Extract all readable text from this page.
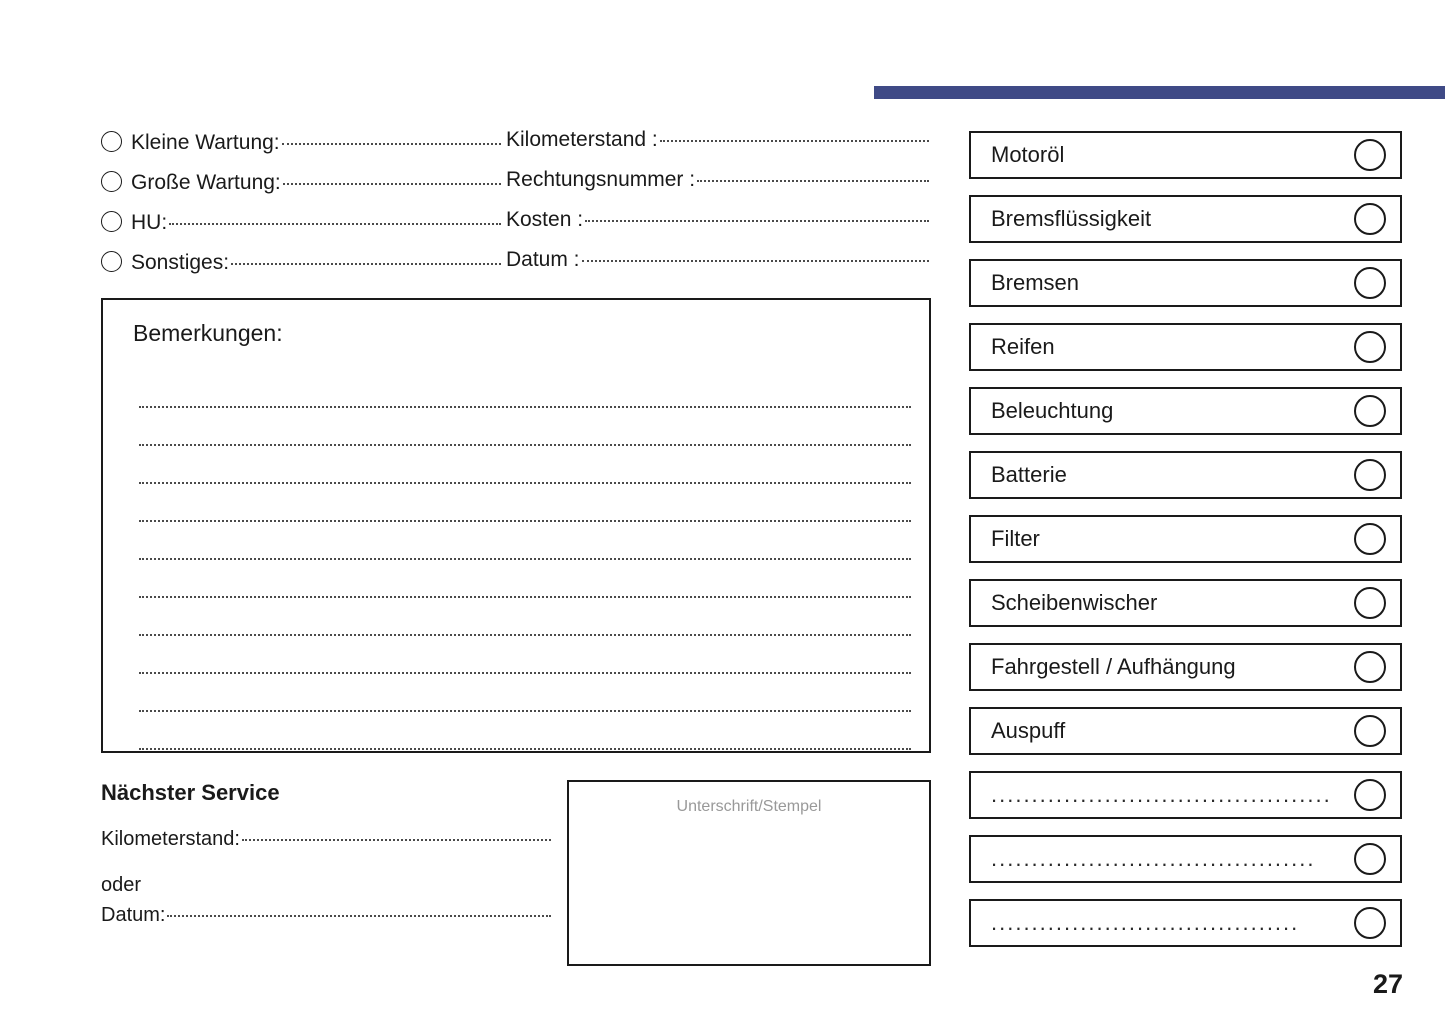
Kleine Wartung:
Große Wartung:
HU:
Sonstiges:
Kilometerstand :
Rechtungsnummer :
Kosten :
Datum :
Bemerkungen:
Nächster Service
Kilometerstand:
oder
Datum:
Unterschrift/Stempel
Motoröl
Bremsflüssigkeit
Bremsen
Reifen
Beleuchtung
Batterie
Filter
Scheibenwischer
Fahrgestell / Aufhängung
Auspuff
..........................................
........................................
......................................
27
